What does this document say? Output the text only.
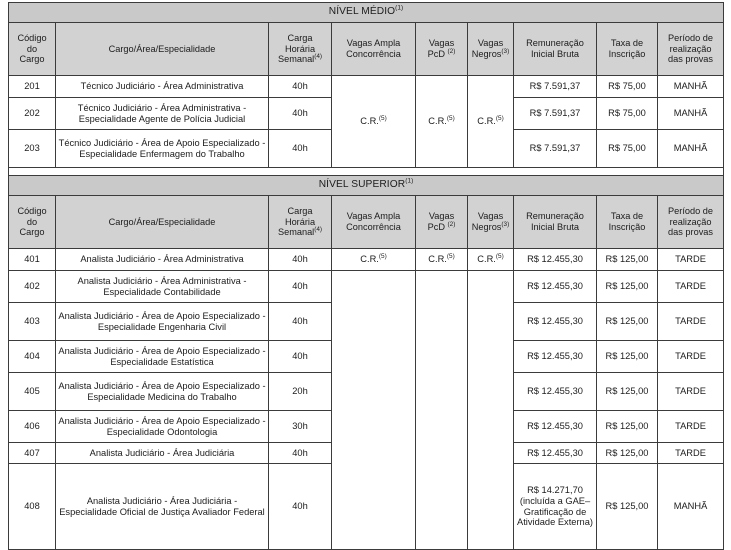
NÍVEL MÉDIO$^{(1)}$
Código
do
Cargo	Cargo/Área/Especialidade	Carga
Horária
Semanal$^{(4)}$	Vagas Ampla
Concorrência	Vagas
PcD $^{(2)}$	Vagas
Negros$^{(3)}$	Remuneração
Inicial Bruta	Taxa de
Inscrição	Período de
realização
das provas
201	Técnico Judiciário - Área Administrativa	40h	C.R.$^{(5)}$	C.R.$^{(5)}$	C.R.$^{(5)}$	R$ 7.591,37	R$ 75,00	MANHÃ
202	Técnico Judiciário - Área Administrativa - Especialidade Agente de Polícia Judicial	40h				R$ 7.591,37	R$ 75,00	MANHÃ
203	Técnico Judiciário - Área de Apoio Especializado - Especialidade Enfermagem do Trabalho	40h				R$ 7.591,37	R$ 75,00	MANHÃ

NÍVEL SUPERIOR$^{(1)}$
Código
do
Cargo	Cargo/Área/Especialidade	Carga
Horária
Semanal$^{(4)}$	Vagas Ampla
Concorrência	Vagas
PcD $^{(2)}$	Vagas
Negros$^{(3)}$	Remuneração
Inicial Bruta	Taxa de
Inscrição	Período de
realização
das provas
401	Analista Judiciário - Área Administrativa	40h	C.R.$^{(5)}$	C.R.$^{(5)}$	C.R.$^{(5)}$	R$ 12.455,30	R$ 125,00	TARDE
402	Analista Judiciário - Área Administrativa - Especialidade Contabilidade	40h				R$ 12.455,30	R$ 125,00	TARDE
403	Analista Judiciário - Área de Apoio Especializado - Especialidade Engenharia Civil	40h				R$ 12.455,30	R$ 125,00	TARDE
404	Analista Judiciário - Área de Apoio Especializado - Especialidade Estatística	40h				R$ 12.455,30	R$ 125,00	TARDE
405	Analista Judiciário - Área de Apoio Especializado - Especialidade Medicina do Trabalho	20h				R$ 12.455,30	R$ 125,00	TARDE
406	Analista Judiciário - Área de Apoio Especializado - Especialidade Odontologia	30h				R$ 12.455,30	R$ 125,00	TARDE
407	Analista Judiciário - Área Judiciária	40h				R$ 12.455,30	R$ 125,00	TARDE
408	Analista Judiciário - Área Judiciária - Especialidade Oficial de Justiça Avaliador Federal	40h				R$ 14.271,70 (incluída a GAE–Gratificação de Atividade Externa)	R$ 125,00	MANHÃ
